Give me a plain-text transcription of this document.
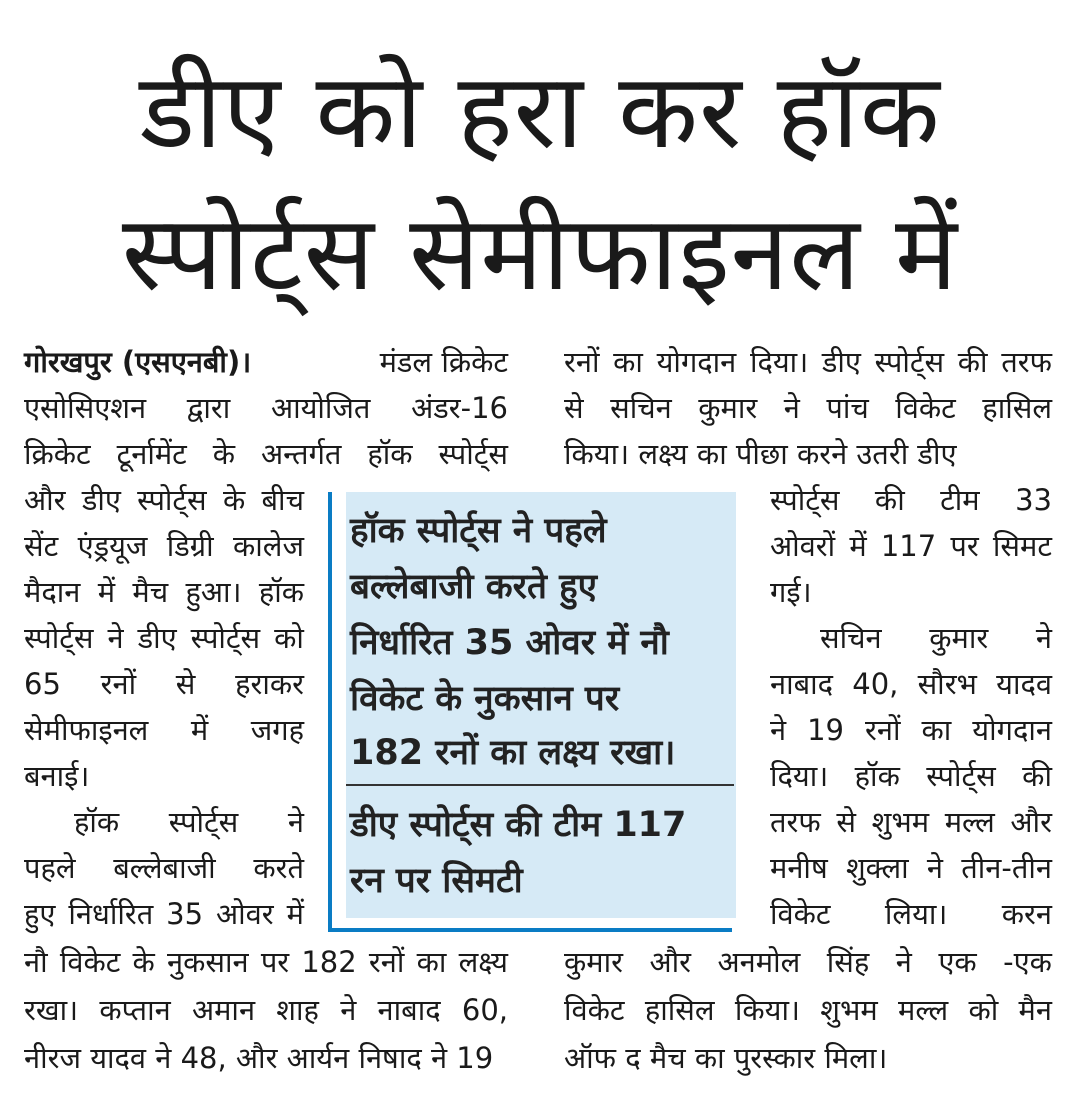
डीए को हरा कर हॉक
स्पोर्ट्स सेमीफाइनल में
गोरखपुर (एसएनबी)।	मंडल क्रिकेट
एसोसिएशन द्वारा आयोजित अंडर-16
क्रिकेट टूर्नामेंट के अन्तर्गत हॉक स्पोर्ट्स
और डीए स्पोर्ट्स के बीच
सेंट एंड्रयूज डिग्री कालेज
मैदान में मैच हुआ। हॉक
स्पोर्ट्स ने डीए स्पोर्ट्स को
65 रनों से हराकर
सेमीफाइनल में जगह
बनाई।
हॉक स्पोर्ट्स ने
पहले बल्लेबाजी करते
हुए निर्धारित 35 ओवर में
नौ विकेट के नुकसान पर 182 रनों का लक्ष्य
रखा। कप्तान अमान शाह ने नाबाद 60,
नीरज यादव ने 48, और आर्यन निषाद ने 19
हॉक स्पोर्ट्स ने पहले
बल्लेबाजी करते हुए
निर्धारित 35 ओवर में नौ
विकेट के नुकसान पर
182 रनों का लक्ष्य रखा।
डीए स्पोर्ट्स की टीम 117
रन पर सिमटी
रनों का योगदान दिया। डीए स्पोर्ट्स की तरफ
से सचिन कुमार ने पांच विकेट हासिल
किया। लक्ष्य का पीछा करने उतरी डीए
स्पोर्ट्स की टीम 33
ओवरों में 117 पर सिमट
गई।
सचिन कुमार ने
नाबाद 40, सौरभ यादव
ने 19 रनों का योगदान
दिया। हॉक स्पोर्ट्स की
तरफ से शुभम मल्ल और
मनीष शुक्ला ने तीन-तीन
विकेट लिया। करन
कुमार और अनमोल सिंह ने एक -एक
विकेट हासिल किया। शुभम मल्ल को मैन
ऑफ द मैच का पुरस्कार मिला।
